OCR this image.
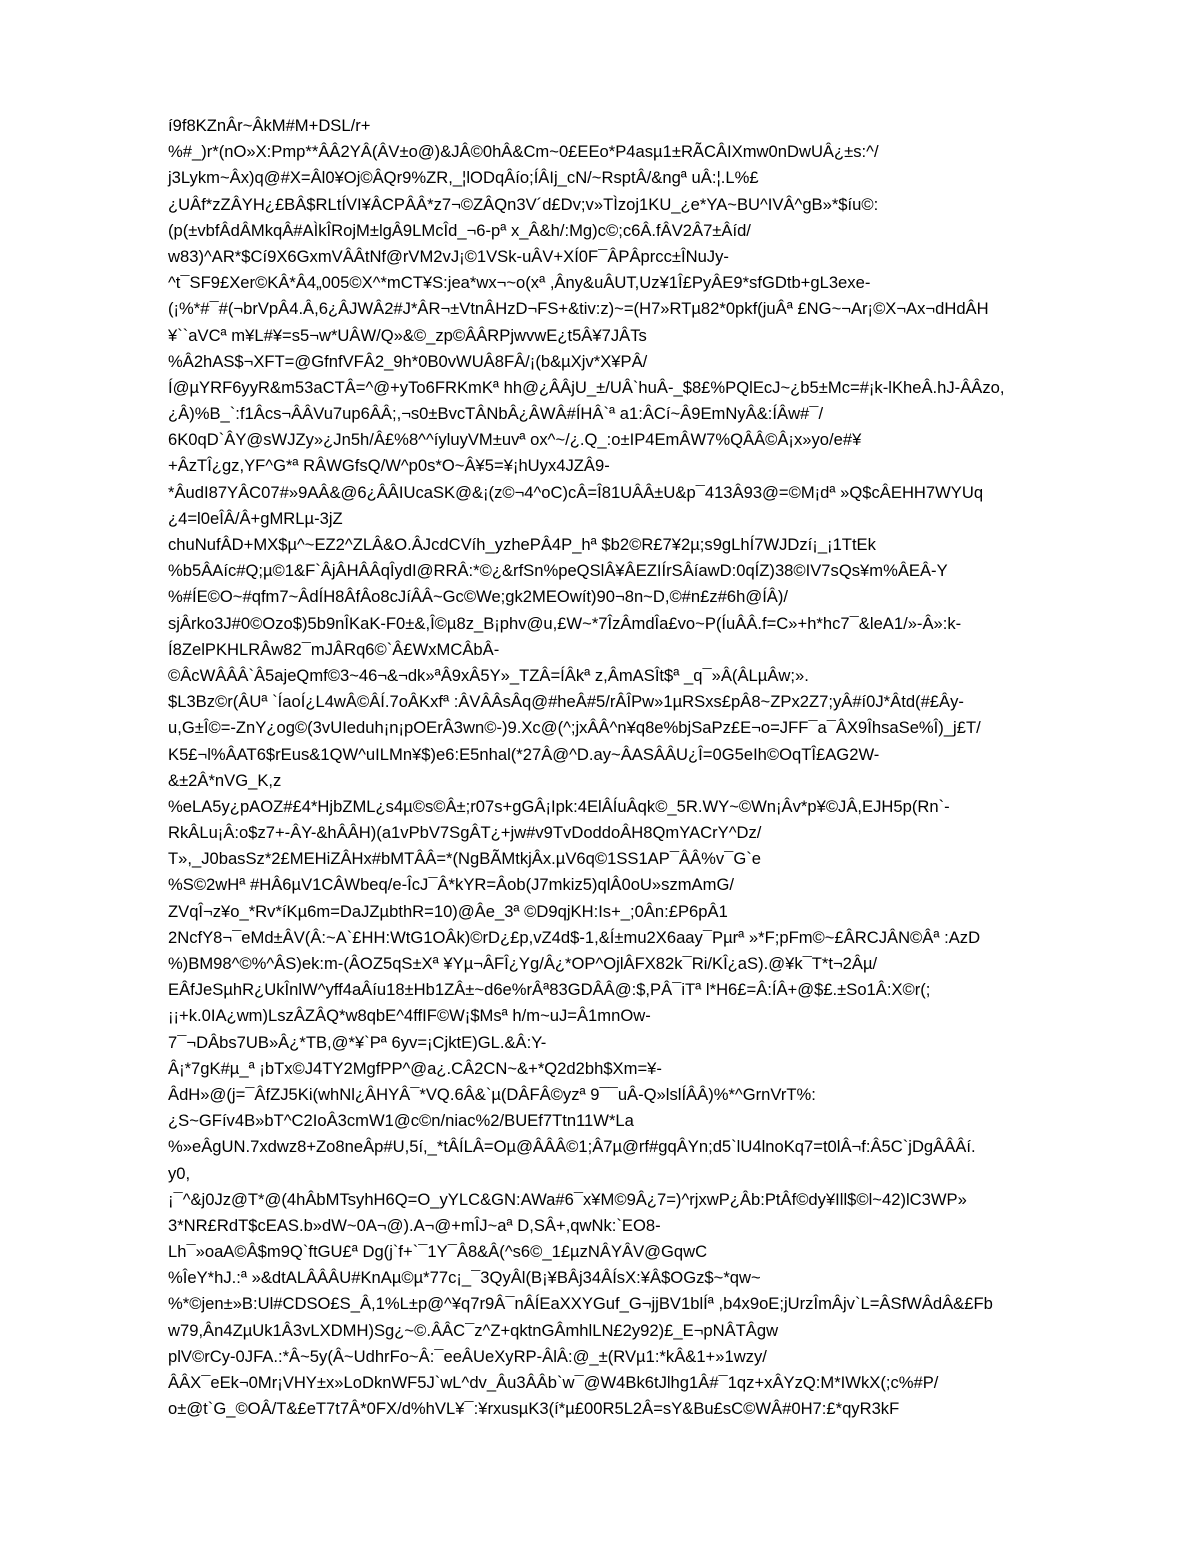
í9f8KZnÂr~ÂkM#M+DSL/r+
%#_)r*(nO»X:Pmp**ÂÂ2YÂ(ÂV±o@)&JÂ©0hÂ&Cm~0£EEo*P4asµ1±RÃCÂIXmw0nDwUÂ¿±s:^/
j3Lykm~Âx)q@#X=Âl0¥Oj©ÂQr9%ZR,_¦lODqÂío;ÍÂIj_cN/~RsptÂ/&ngª uÂ:¦.L%£
¿UÂf*zZÂYH¿£BÂ$RLtÍVI¥ÂCPÂÂ*z7¬©ZÂQn3V´d£Dv;v»TÌzoj1KU_¿e*YA~BU^IVÂ^gB»*$íu©:
(p(±vbfÂdÂMkqÂ#AÌkÎRojM±lgÂ9LMcÎd_¬6-pª x_Â&h/:Mg)c©;c6Â.fÂV2Â7±Âíd/
w83)^AR*$Cí9X6GxmVÂÂtNf@rVM2vJ¡©1VSk-uÂV+XÍ0F¯ÂPÂprcc±ÎNuJy-
^t¯SF9£Xer©KÂ*Â4„005©X^*mCT¥S:jea*wx¬~o(xª ,Âny&uÂUT,Uz¥1Î£PyÂE9*sfGDtb+gL3exe-
(¡%*#¯#(¬brVpÂ4.Â,6¿ÂJWÂ2#J*ÂR¬±VtnÂHzD¬FS+&tiv:z)~=(H7»RTµ82*0pkf(juÂª £NG~¬Ar¡©X¬Ax¬dHdÂH
¥``aVCª m¥L#¥=s5¬w*UÂW/Q»&©_zp©ÂÂRPjwvwE¿t5Â¥7JÂTs
%Â2hAS$¬XFT=@GfnfVFÂ2_9h*0B0vWUÂ8FÂ/¡(b&µXjv*X¥PÂ/
Í@µYRF6yyR&m53aCTÂ=^@+yTo6FRKmKª hh@¿ÂÂjU_±/UÂ`huÂ-_$8£%PQlEcJ~¿b5±Mc=#¡k-lKheÂ.hJ-ÂÂzo,
¿Â)%B_`:f1Âcs¬ÂÂVu7up6ÂÂ;,¬s0±BvcTÂNbÂ¿ÂWÂ#ÍHÂ`ª a1:ÂCí~Â9EmNyÂ&:ÍÂw#¯/
6K0qD`ÂY@sWJZy»¿Jn5h/Â£%8^^íyluyVM±uvª ox^~/¿.Q_:o±IP4EmÂW7%QÂÂ©Â¡x»yo/e#¥
+ÂzTÎ¿gz,YF^G*ª RÂWGfsQ/W^p0s*O~Â¥5=¥¡hUyx4JZÂ9-
*ÂudI87YÂC07#»9AÂ&@6¿ÂÂIUcaSK@&¡(z©¬4^oC)cÂ=Î81UÂÂ±U&p¯413Â93@=©M¡dª »Q$cÂEHH7WYUq
¿4=l0eÎÂ/Â+gMRLµ-3jZ
chuNufÂD+MX$µ^~EZ2^ZLÂ&O.ÂJcdCVíh_yzhePÂ4P_hª $b2©R£7¥2µ;s9gLhÍ7WJDzí¡_¡1TtEk
%b5ÂAíc#Q;µ©1&F`ÂjÂHÂÂqÎydI@RRÂ:*©¿&rfSn%peQSlÂ¥ÂEZIÍrSÂíawD:0qÍZ)38©IV7sQs¥m%ÂEÂ-Y
%#ÍE©O~#qfm7~ÂdÍH8ÂfÂo8cJíÂÂ~Gc©We;gk2MEOwít)90¬8n~D,©#n£z#6h@ÍÂ)/
sjÂrko3J#0©Ozo$)5b9nÎKaK-F0±&,Î©µ8z_B¡phv@u,£W~*7ÎzÂmdÎa£vo~P(ÍuÂÂ.f=C»+h*hc7¯&leA1/»-Â»:k-
Í8ZelPKHLRÂw82¯mJÂRq6©`Â£WxMCÂbÂ-
©ÂcWÂÂÂ`Â5ajeQmf©3~46¬&¬dk»ªÂ9xÂ5Y»_TZÂ=ÍÂkª z,ÂmASÎt$ª _q¯»Â(ÂLµÂw;».
$L3Bz©r(ÂUª `ÍaoÍ¿L4wÂ©ÂÍ.7oÂKxfª :ÂVÂÂsÂq@#heÂ#5/rÂÎPw»1µRSxs£pÂ8~ZPx2Z7;yÂ#í0J*Âtd(#£Ây-
u,G±Î©=-ZnY¿og©(3vUIeduh¡n¡pOErÂ3wn©-)9.Xc@(^;jxÂÂ^n¥q8e%bjSaPz£E¬o=JFF¯a¯ÂX9ÎhsaSe%Î)_j£T/
K5£¬l%ÂAT6$rEus&1QW^uILMn¥$)e6:E5nhal(*27Â@^D.ay~ÂASÂÂU¿Î=0G5eIh©OqTÎ£AG2W-
&±2Â*nVG_K,z
%eLA5y¿pAOZ#£4*HjbZML¿s4µ©s©Â±;r07s+gGÂ¡Ipk:4ElÂÍuÂqk©_5R.WY~©Wn¡Âv*p¥©JÂ,EJH5p(Rn`-
RkÂLu¡Â:o$z7+-ÂY-&hÂÂH)(a1vPbV7SgÂT¿+jw#v9TvDoddoÂH8QmYACrY^Dz/
T»,_J0basSz*2£MEHiZÂHx#bMTÂÂ=*(NgBÃMtkjÂx.µV6q©1SS1AP¯ÂÂ%v¯G`e
%S©2wHª #HÂ6µV1CÂWbeq/e-ÎcJ¯Â*kYR=Âob(J7mkiz5)qlÂ0oU»szmAmG/
ZVqÎ¬z¥o_*Rv*íKµ6m=DaJZµbthR=10)@Âe_3ª ©D9qjKH:Is+_;0Ân:£P6pÂ1
2NcfY8¬¯eMd±ÂV(Â:~A`£HH:WtG1OÂk)©rD¿£p,vZ4d$-1,&Í±mu2X6aay¯Pµrª »*F;pFm©~£ÂRCJÂN©Âª :AzD
%)BM98^©%^ÂS)ek:m-(ÂOZ5qS±Xª ¥Yµ¬ÂFÎ¿Yg/Â¿*OP^OjlÂFX82k¯Ri/KÎ¿aS).@¥k¯T*t¬2Âµ/
EÂfJeSµhR¿UkÎnlW^yff4aÂíu18±Hb1ZÂ±~d6e%rÂª83GDÂÂ@:$,PÂ¯iTª l*H6£=Â:ÍÂ+@$£.±So1Â:X©r(;
¡¡+k.0IA¿wm)LszÂZÂQ*w8qbE^4ffIF©W¡$Msª h/m~uJ=Â1mnOw-
7¯¬DÂbs7UB»Â¿*TB,@*¥`Pª 6yv=¡CjktE)GL.&Â:Y-
Â¡*7gK#µ_ª ¡bTx©J4TY2MgfPP^@a¿.CÂ2CN~&+*Q2d2bh$Xm=¥-
ÂdH»@(j=¯ÂfZJ5Ki(whNl¿ÂHYÂ¯*VQ.6Â&`µ(DÂFÂ©yzª 9¯¯uÂ-Q»lslÍÂÂ)%*^GrnVrT%:
¿S~GFív4B»bT^C2IoÂ3cmW1@c©n/niac%2/BUEf7Ttn11W*La
%»eÂgUN.7xdwz8+Zo8neÂp#U,5í,_*tÂÍLÂ=Oµ@ÂÂÂ©1;Â7µ@rf#gqÂYn;d5`lU4lnoKq7=t0lÂ¬f:Â5C`jDgÂÂÂí.
y0,
¡¯^&j0Jz@T*@(4hÂbMTsyhH6Q=O_yYLC&GN:AWa#6¯x¥M©9Â¿7=)^rjxwP¿Âb:PtÂf©dy¥Ill$©l~42)lC3WP»
3*NR£RdT$cEAS.b»dW~0A¬@).A¬@+mÎJ~aª D,SÂ+,qwNk:`EO8-
Lh¯»oaA©Â$m9Q`ftGU£ª Dg(j`f+`¯1Y¯Â8&Â(^s6©_1£µzNÂYÂV@GqwC
%ÎeY*hJ.:ª »&dtALÂÂÂU#KnAµ©µ*77c¡_¯3QyÂl(B¡¥BÂj34ÂÍsX:¥Â$OGz$~*qw~
%*©jen±»B:Ul#CDSO£S_Â,1%L±p@^¥q7r9Â¯nÂÍEaXXYGuf_G¬jjBV1blÍª ,b4x9oE;jUrzÎmÂjv`L=ÂSfWÂdÂ&£Fb
w79,Ân4ZµUk1Â3vLXDMH)Sg¿~©.ÂÂC¯z^Z+qktnGÂmhlLN£2y92)£_E¬pNÂTÂgw
plV©rCy-0JFA.:*Â~5y(Â~UdhrFo~Â:¯eeÂUeXyRP-ÂlÂ:@_±(RVµ1:*kÂ&1+»1wzy/
ÂÂX¯eEk¬0Mr¡VHY±x»LoDknWF5J`wL^dv_Âu3ÂÂb`w¯@W4Bk6tJlhg1Â#¯1qz+xÂYzQ:M*IWkX(;c%#P/
o±@t`G_©OÂ/T&£eT7t7Â*0FX/d%hVL¥¯:¥rxusµK3(í*µ£00R5L2Â=sY&Bu£sC©WÂ#0H7:£*qyR3kF
